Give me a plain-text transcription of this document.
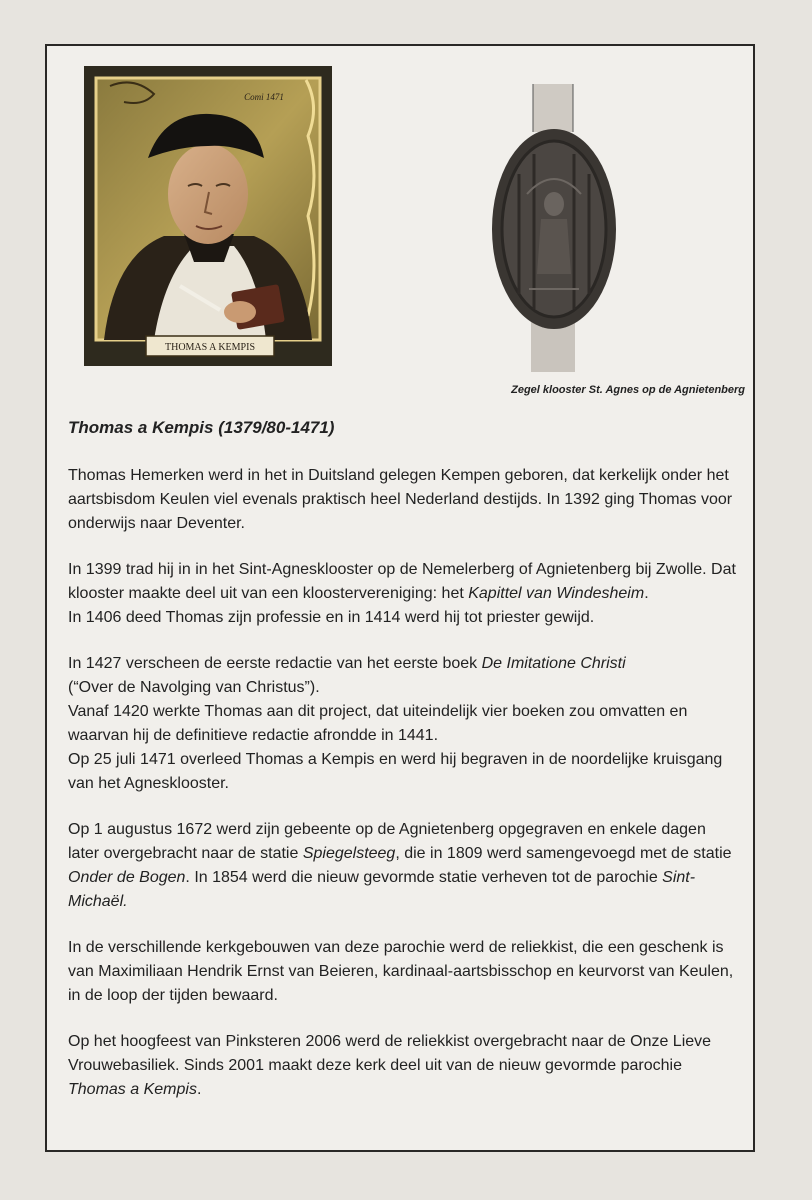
THOMAS A KEMPIS
Comi 1471
Zegel klooster St. Agnes op de Agnietenberg
Thomas a Kempis (1379/80-1471)

Thomas Hemerken werd in het in Duitsland gelegen Kempen geboren, dat kerkelijk onder het aartsbisdom Keulen viel evenals praktisch heel Nederland destijds. In 1392 ging Thomas voor onderwijs naar Deventer.

In 1399 trad hij in in het Sint-Agnesklooster op de Nemelerberg of Agnietenberg bij Zwolle. Dat klooster maakte deel uit van een kloostervereniging: het Kapittel van Windesheim.
In 1406 deed Thomas zijn professie en in 1414 werd hij tot priester gewijd.

In 1427 verscheen de eerste redactie van het eerste boek De Imitatione Christi
(“Over de Navolging van Christus”).
Vanaf 1420 werkte Thomas aan dit project, dat uiteindelijk vier boeken zou omvatten en waarvan hij de definitieve redactie afrondde in 1441.
Op 25 juli 1471 overleed Thomas a Kempis en werd hij begraven in de noordelijke kruisgang van het Agnesklooster.

Op 1 augustus 1672 werd zijn gebeente op de Agnietenberg opgegraven en enkele dagen later overgebracht naar de statie Spiegelsteeg, die in 1809 werd samengevoegd met de statie Onder de Bogen. In 1854 werd die nieuw gevormde statie verheven tot de parochie Sint- Michaël.

In de verschillende kerkgebouwen van deze parochie werd de reliekkist, die een geschenk is van Maximiliaan Hendrik Ernst van Beieren, kardinaal-aartsbisschop en keurvorst van Keulen, in de loop der tijden bewaard.

Op het hoogfeest van Pinksteren 2006 werd de reliekkist overgebracht naar de Onze Lieve Vrouwebasiliek. Sinds 2001 maakt deze kerk deel uit van de nieuw gevormde parochie Thomas a Kempis.
